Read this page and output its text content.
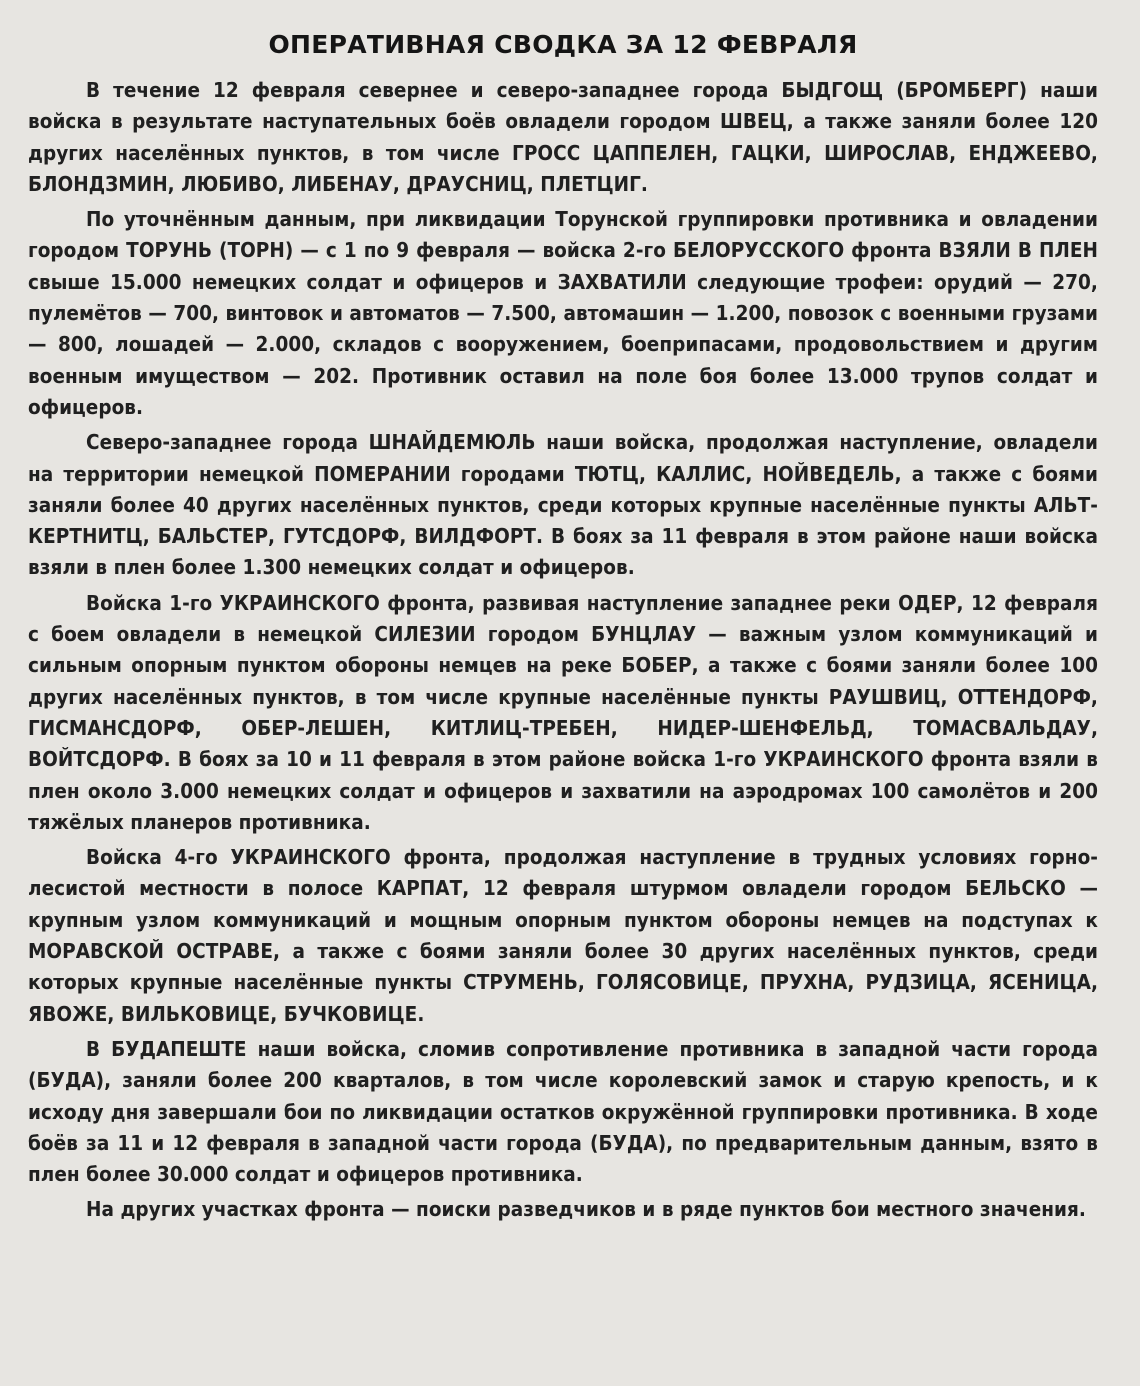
ОПЕРАТИВНАЯ СВОДКА ЗА 12 ФЕВРАЛЯ

В течение 12 февраля севернее и северо-западнее города БЫДГОЩ (БРОМБЕРГ) наши войска в результате наступательных боёв овладели городом ШВЕЦ, а также заняли более 120 других населённых пунктов, в том числе ГРОСС ЦАППЕЛЕН, ГАЦКИ, ШИРОСЛАВ, ЕНДЖЕЕВО, БЛОНДЗМИН, ЛЮБИВО, ЛИБЕНАУ, ДРАУСНИЦ, ПЛЕТЦИГ.

По уточнённым данным, при ликвидации Торунской группировки противника и овладении городом ТОРУНЬ (ТОРН) — с 1 по 9 февраля — войска 2-го БЕЛОРУССКОГО фронта ВЗЯЛИ В ПЛЕН свыше 15.000 немецких солдат и офицеров и ЗАХВАТИЛИ следующие трофеи: орудий — 270, пулемётов — 700, винтовок и автоматов — 7.500, автомашин — 1.200, повозок с военными грузами — 800, лошадей — 2.000, складов с вооружением, боеприпасами, продовольствием и другим военным имуществом — 202. Противник оставил на поле боя более 13.000 трупов солдат и офицеров.

Северо-западнее города ШНАЙДЕМЮЛЬ наши войска, продолжая наступление, овладели на территории немецкой ПОМЕРАНИИ городами ТЮТЦ, КАЛЛИС, НОЙВЕДЕЛЬ, а также с боями заняли более 40 других населённых пунктов, среди которых крупные населённые пункты АЛЬТ-КЕРТНИТЦ, БАЛЬСТЕР, ГУТСДОРФ, ВИЛДФОРТ. В боях за 11 февраля в этом районе наши войска взяли в плен более 1.300 немецких солдат и офицеров.

Войска 1-го УКРАИНСКОГО фронта, развивая наступление западнее реки ОДЕР, 12 февраля с боем овладели в немецкой СИЛЕЗИИ городом БУНЦЛАУ — важным узлом коммуникаций и сильным опорным пунктом обороны немцев на реке БОБЕР, а также с боями заняли более 100 других населённых пунктов, в том числе крупные населённые пункты РАУШВИЦ, ОТТЕНДОРФ, ГИСМАНСДОРФ, ОБЕР-ЛЕШЕН, КИТЛИЦ-ТРЕБЕН, НИДЕР-ШЕНФЕЛЬД, ТОМАСВАЛЬДАУ, ВОЙТСДОРФ. В боях за 10 и 11 февраля в этом районе войска 1-го УКРАИНСКОГО фронта взяли в плен около 3.000 немецких солдат и офицеров и захватили на аэродромах 100 самолётов и 200 тяжёлых планеров противника.

Войска 4-го УКРАИНСКОГО фронта, продолжая наступление в трудных условиях горно-лесистой местности в полосе КАРПАТ, 12 февраля штурмом овладели городом БЕЛЬСКО — крупным узлом коммуникаций и мощным опорным пунктом обороны немцев на подступах к МОРАВСКОЙ ОСТРАВЕ, а также с боями заняли более 30 других населённых пунктов, среди которых крупные населённые пункты СТРУМЕНЬ, ГОЛЯСОВИЦЕ, ПРУХНА, РУДЗИЦА, ЯСЕНИЦА, ЯВОЖЕ, ВИЛЬКОВИЦЕ, БУЧКОВИЦЕ.

В БУДАПЕШТЕ наши войска, сломив сопротивление противника в западной части города (БУДА), заняли более 200 кварталов, в том числе королевский замок и старую крепость, и к исходу дня завершали бои по ликвидации остатков окружённой группировки противника. В ходе боёв за 11 и 12 февраля в западной части города (БУДА), по предварительным данным, взято в плен более 30.000 солдат и офицеров противника.

На других участках фронта — поиски разведчиков и в ряде пунктов бои местного значения.
